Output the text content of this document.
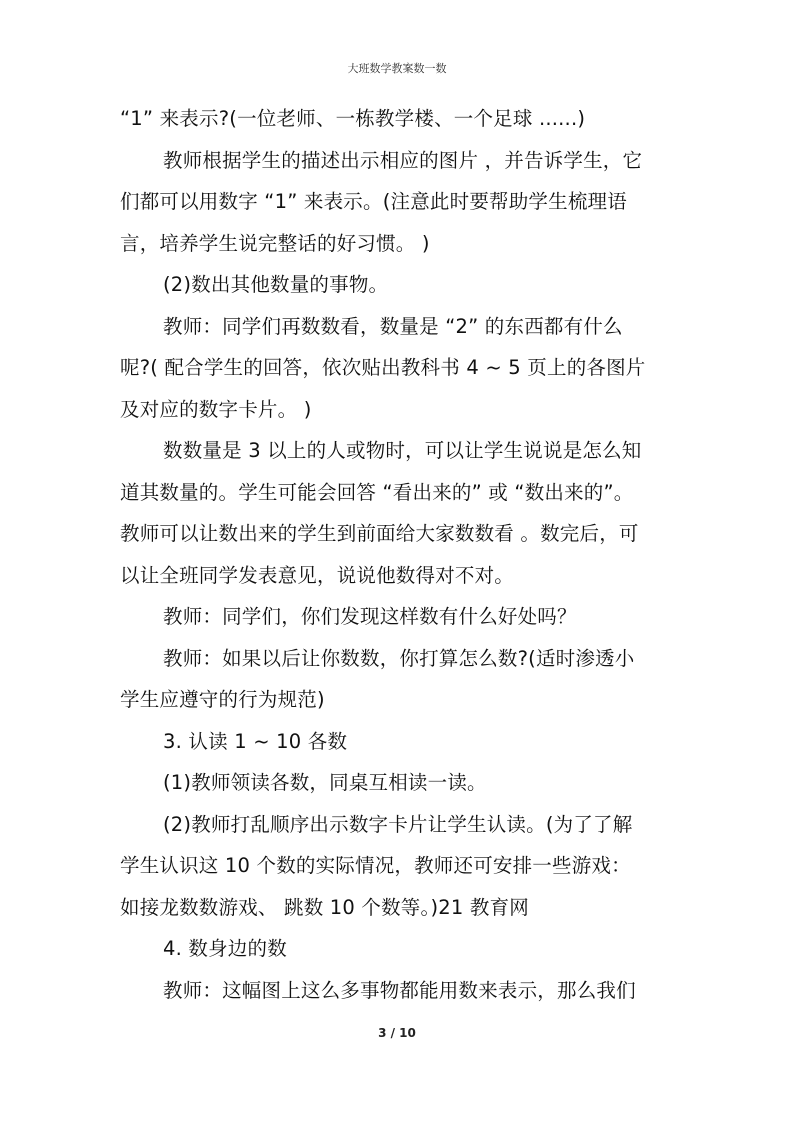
大班数学教案数一数
“1” 来表示?(一位老师、一栋教学楼、一个足球 ......)
教师根据学生的描述出示相应的图片 ，并告诉学生，它
们都可以用数字 “1” 来表示。(注意此时要帮助学生梳理语
言，培养学生说完整话的好习惯。 )
(2)数出其他数量的事物。
教师：同学们再数数看，数量是 “2” 的东西都有什么
呢?( 配合学生的回答，依次贴出教科书 4 ~ 5 页上的各图片
及对应的数字卡片。 )
数数量是 3 以上的人或物时，可以让学生说说是怎么知
道其数量的。学生可能会回答 “看出来的” 或 “数出来的”。
教师可以让数出来的学生到前面给大家数数看 。数完后，可
以让全班同学发表意见，说说他数得对不对。
教师：同学们，你们发现这样数有什么好处吗？
教师：如果以后让你数数，你打算怎么数?(适时渗透小
学生应遵守的行为规范)
3. 认读 1 ~ 10 各数
(1)教师领读各数，同桌互相读一读。
(2)教师打乱顺序出示数字卡片让学生认读。(为了了解
学生认识这 10 个数的实际情况，教师还可安排一些游戏：
如接龙数数游戏、 跳数 10 个数等。)21 教育网
4. 数身边的数
教师：这幅图上这么多事物都能用数来表示，那么我们
3 / 10
